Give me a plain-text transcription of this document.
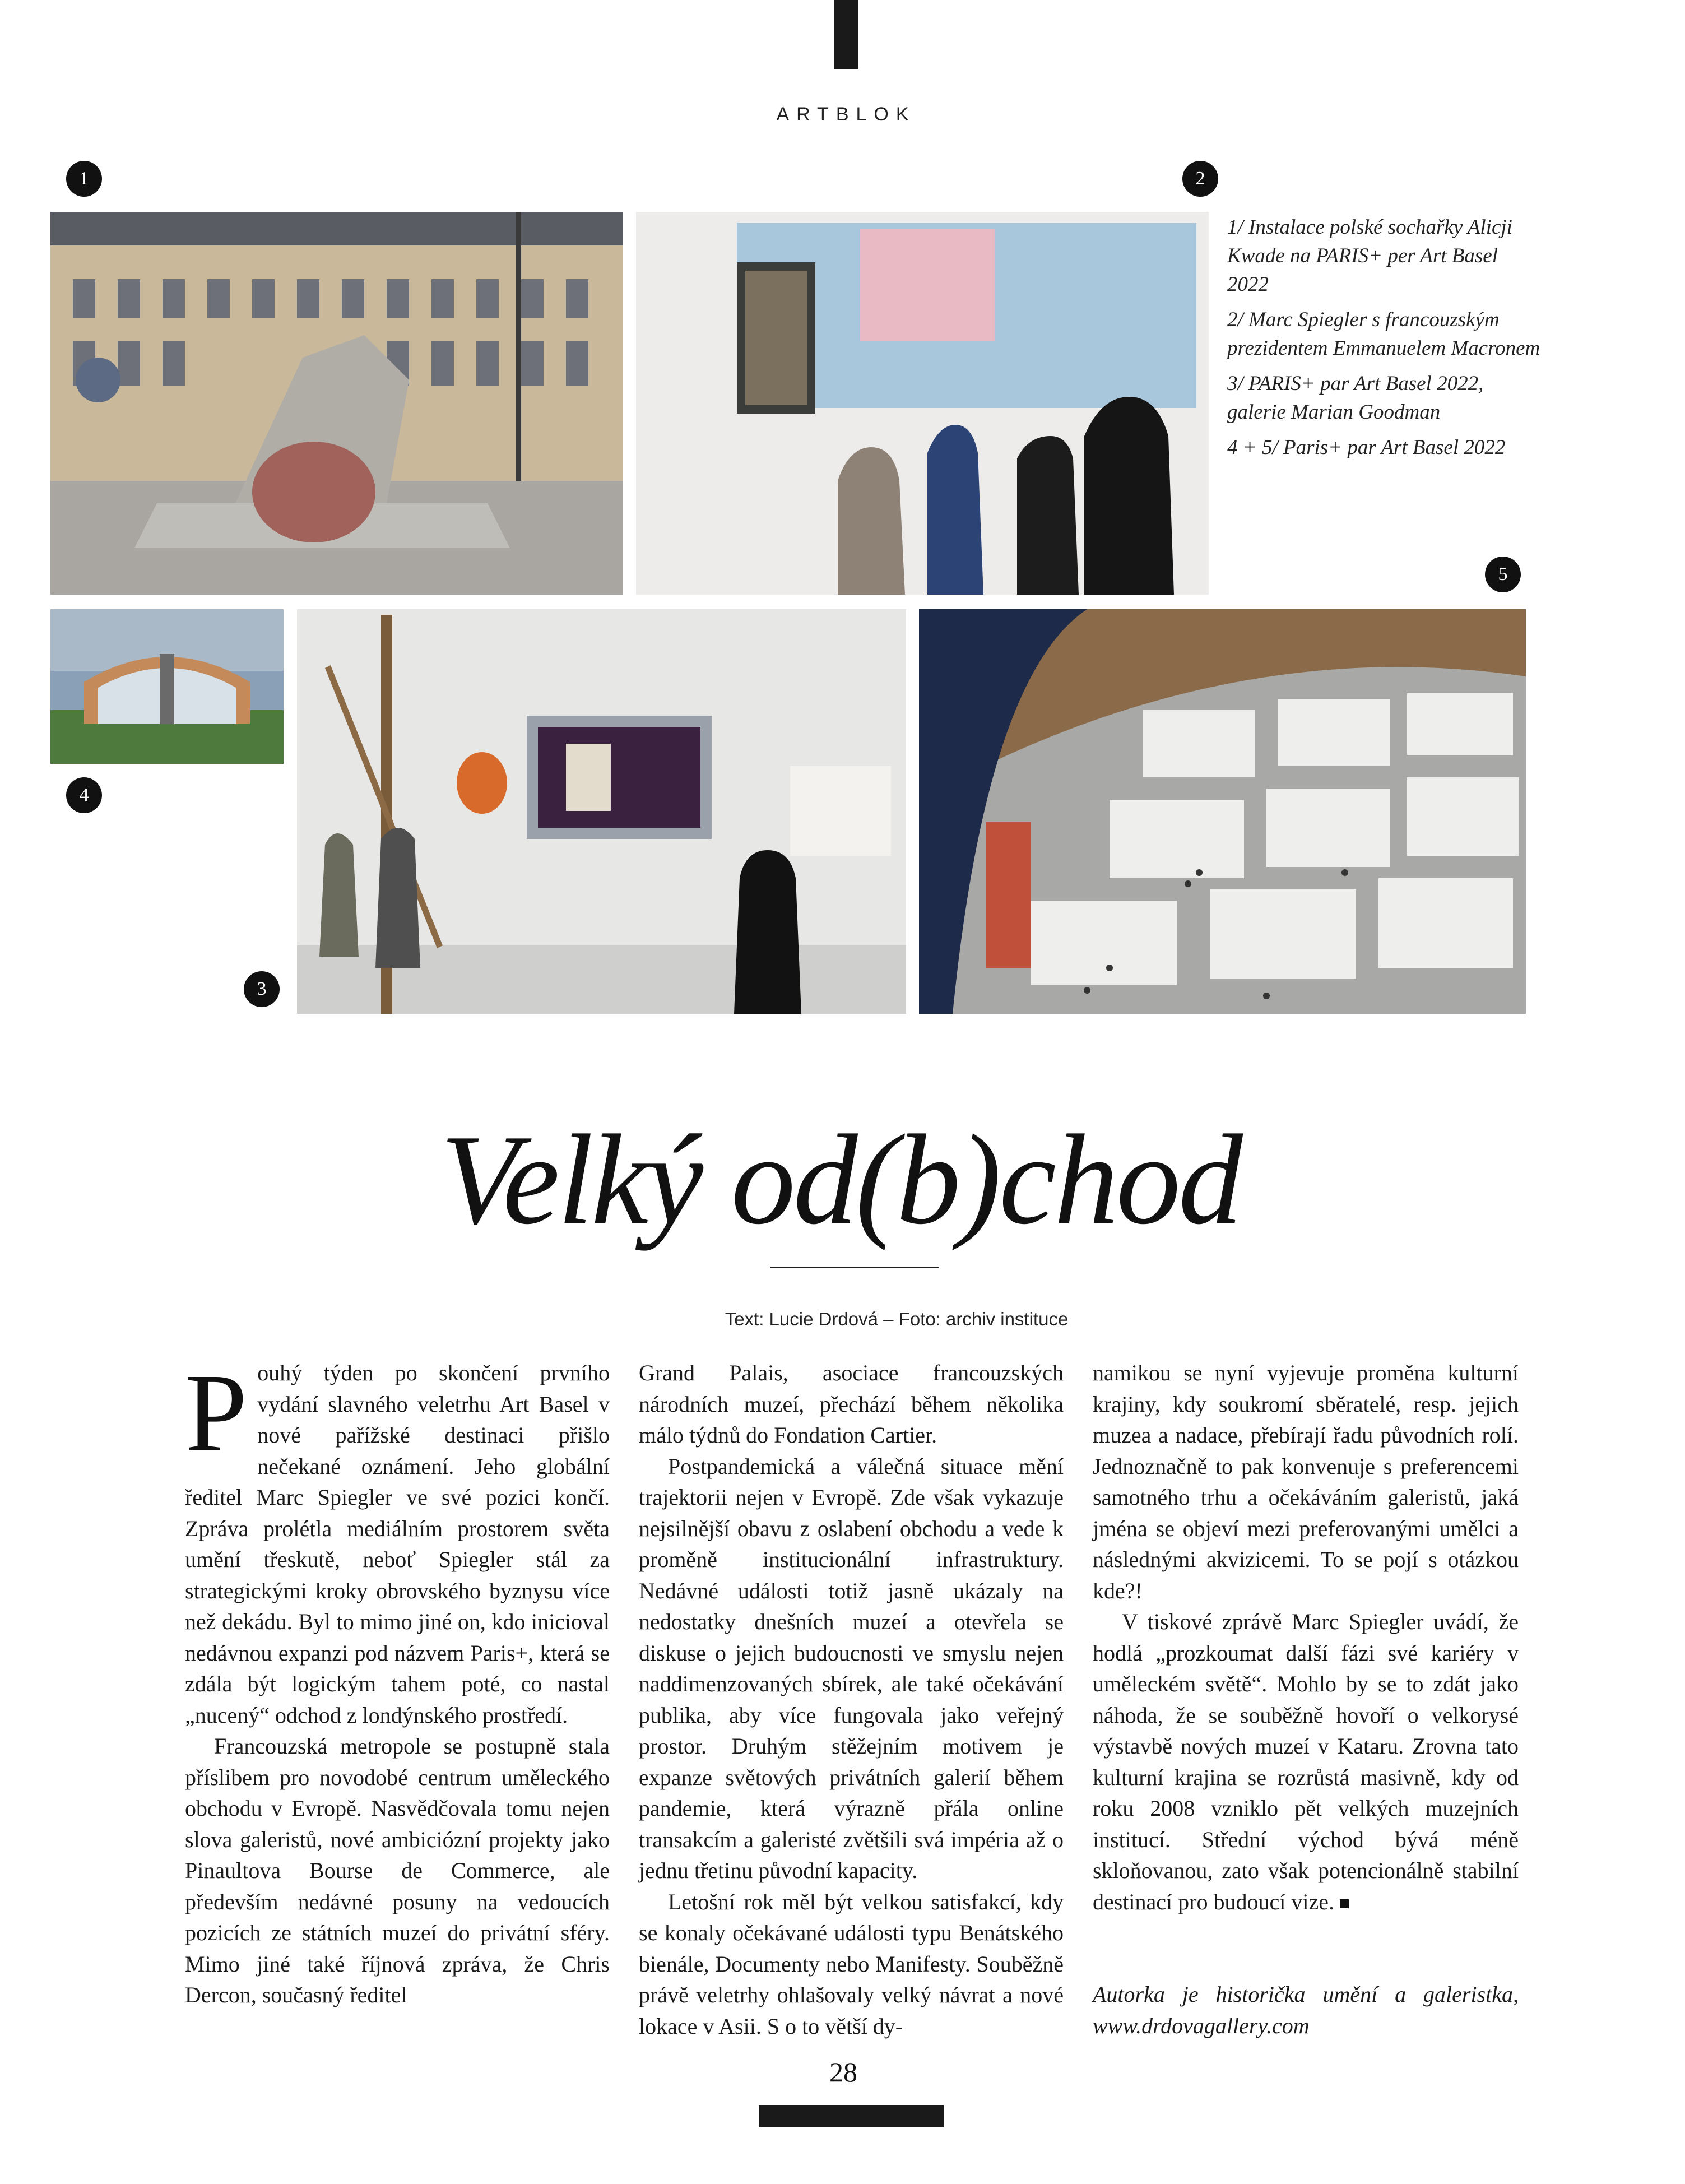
ARTBLOK
1	2
3
4
5

1/ Instalace polské sochařky Alicji Kwade na PARIS+ per Art Basel 2022

2/ Marc Spiegler s francouzským prezidentem Emmanuelem Macronem

3/ PARIS+ par Art Basel 2022, galerie Marian Goodman

4 + 5/ Paris+ par Art Basel 2022

Velký od(b)chod
Text: Lucie Drdová – Foto: archiv instituce

Pouhý týden po skončení prvního vydání slavného veletrhu Art Basel v nové pařížské destinaci přišlo nečekané oznámení. Jeho globální ředitel Marc Spiegler ve své pozici končí. Zpráva prolétla mediálním prostorem světa umění třeskutě, neboť Spiegler stál za strategickými kroky obrovského byznysu více než dekádu. Byl to mimo jiné on, kdo inicioval nedávnou expanzi pod názvem Paris+, která se zdála být logickým tahem poté, co nastal „nucený“ odchod z londýnského prostředí.

Francouzská metropole se postupně stala příslibem pro novodobé centrum uměleckého obchodu v Evropě. Nasvědčovala tomu nejen slova galeristů, nové ambiciózní projekty jako Pinaultova Bourse de Commerce, ale především nedávné posuny na vedoucích pozicích ze státních muzeí do privátní sféry. Mimo jiné také říjnová zpráva, že Chris Dercon, současný ředitel

Grand Palais, asociace francouzských národních muzeí, přechází během několika málo týdnů do Fondation Cartier.

Postpandemická a válečná situace mění trajektorii nejen v Evropě. Zde však vykazuje nejsilnější obavu z oslabení obchodu a vede k proměně institucionální infrastruktury. Nedávné události totiž jasně ukázaly na nedostatky dnešních muzeí a otevřela se diskuse o jejich budoucnosti ve smyslu nejen naddimenzovaných sbírek, ale také očekávání publika, aby více fungovala jako veřejný prostor. Druhým stěžejním motivem je expanze světových privátních galerií během pandemie, která výrazně přála online transakcím a galeristé zvětšili svá impéria až o jednu třetinu původní kapacity.

Letošní rok měl být velkou satisfakcí, kdy se konaly očekávané události typu Benátského bienále, Documenty nebo Manifesty. Souběžně právě veletrhy ohlašovaly velký návrat a nové lokace v Asii. S o to větší dy-

namikou se nyní vyjevuje proměna kulturní krajiny, kdy soukromí sběratelé, resp. jejich muzea a nadace, přebírají řadu původních rolí. Jednoznačně to pak konvenuje s preferencemi samotného trhu a očekáváním galeristů, jaká jména se objeví mezi preferovanými umělci a následnými akvizicemi. To se pojí s otázkou kde?!

V tiskové zprávě Marc Spiegler uvádí, že hodlá „prozkoumat další fázi své kariéry v uměleckém světě“. Mohlo by se to zdát jako náhoda, že se souběžně hovoří o velkorysé výstavbě nových muzeí v Kataru. Zrovna tato kulturní krajina se rozrůstá masivně, kdy od roku 2008 vzniklo pět velkých muzejních institucí. Střední východ bývá méně skloňovanou, zato však potencionálně stabilní destinací pro budoucí vize.

Autorka je historička umění a galeristka, www.drdovagallery.com

28
